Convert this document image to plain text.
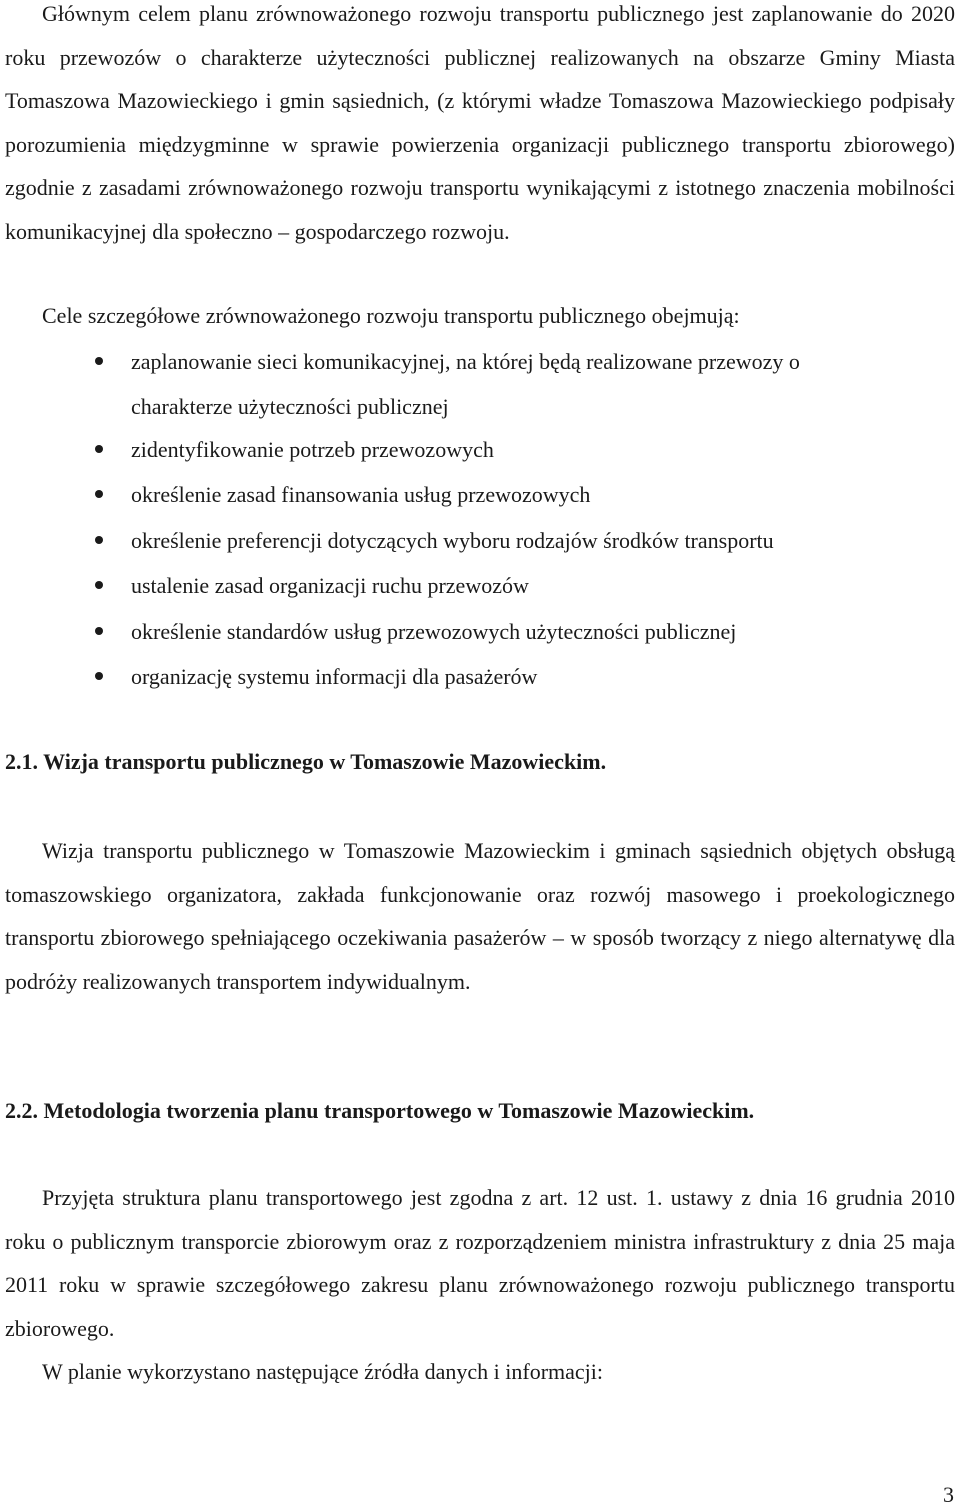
Głównym celem planu zrównoważonego rozwoju transportu publicznego jest zaplanowanie do 2020 roku przewozów o charakterze użyteczności publicznej realizowanych na obszarze Gminy Miasta Tomaszowa Mazowieckiego i gmin sąsiednich, (z którymi władze Tomaszowa Mazowieckiego podpisały porozumienia międzygminne w sprawie powierzenia organizacji publicznego transportu zbiorowego) zgodnie z zasadami zrównoważonego rozwoju transportu wynikającymi z istotnego znaczenia mobilności komunikacyjnej dla społeczno – gospodarczego rozwoju.

Cele szczegółowe zrównoważonego rozwoju transportu publicznego obejmują:

zaplanowanie sieci komunikacyjnej, na której będą realizowane przewozy o charakterze użyteczności publicznej

zidentyfikowanie potrzeb przewozowych

określenie zasad finansowania usług przewozowych

określenie preferencji dotyczących wyboru rodzajów środków transportu

ustalenie zasad organizacji ruchu przewozów

określenie standardów usług przewozowych użyteczności publicznej

organizację systemu informacji dla pasażerów

2.1. Wizja transportu publicznego w Tomaszowie Mazowieckim.

Wizja transportu publicznego w Tomaszowie Mazowieckim i gminach sąsiednich objętych obsługą tomaszowskiego organizatora, zakłada funkcjonowanie oraz rozwój masowego i proekologicznego transportu zbiorowego spełniającego oczekiwania pasażerów – w sposób tworzący z niego alternatywę dla podróży realizowanych transportem indywidualnym.

2.2. Metodologia tworzenia planu transportowego w Tomaszowie Mazowieckim.

Przyjęta struktura planu transportowego jest zgodna z art. 12 ust. 1. ustawy z dnia 16 grudnia 2010 roku o publicznym transporcie zbiorowym oraz z rozporządzeniem ministra infrastruktury z dnia 25 maja 2011 roku w sprawie szczegółowego zakresu planu zrównoważonego rozwoju publicznego transportu zbiorowego.

W planie wykorzystano następujące źródła danych i informacji:

3
